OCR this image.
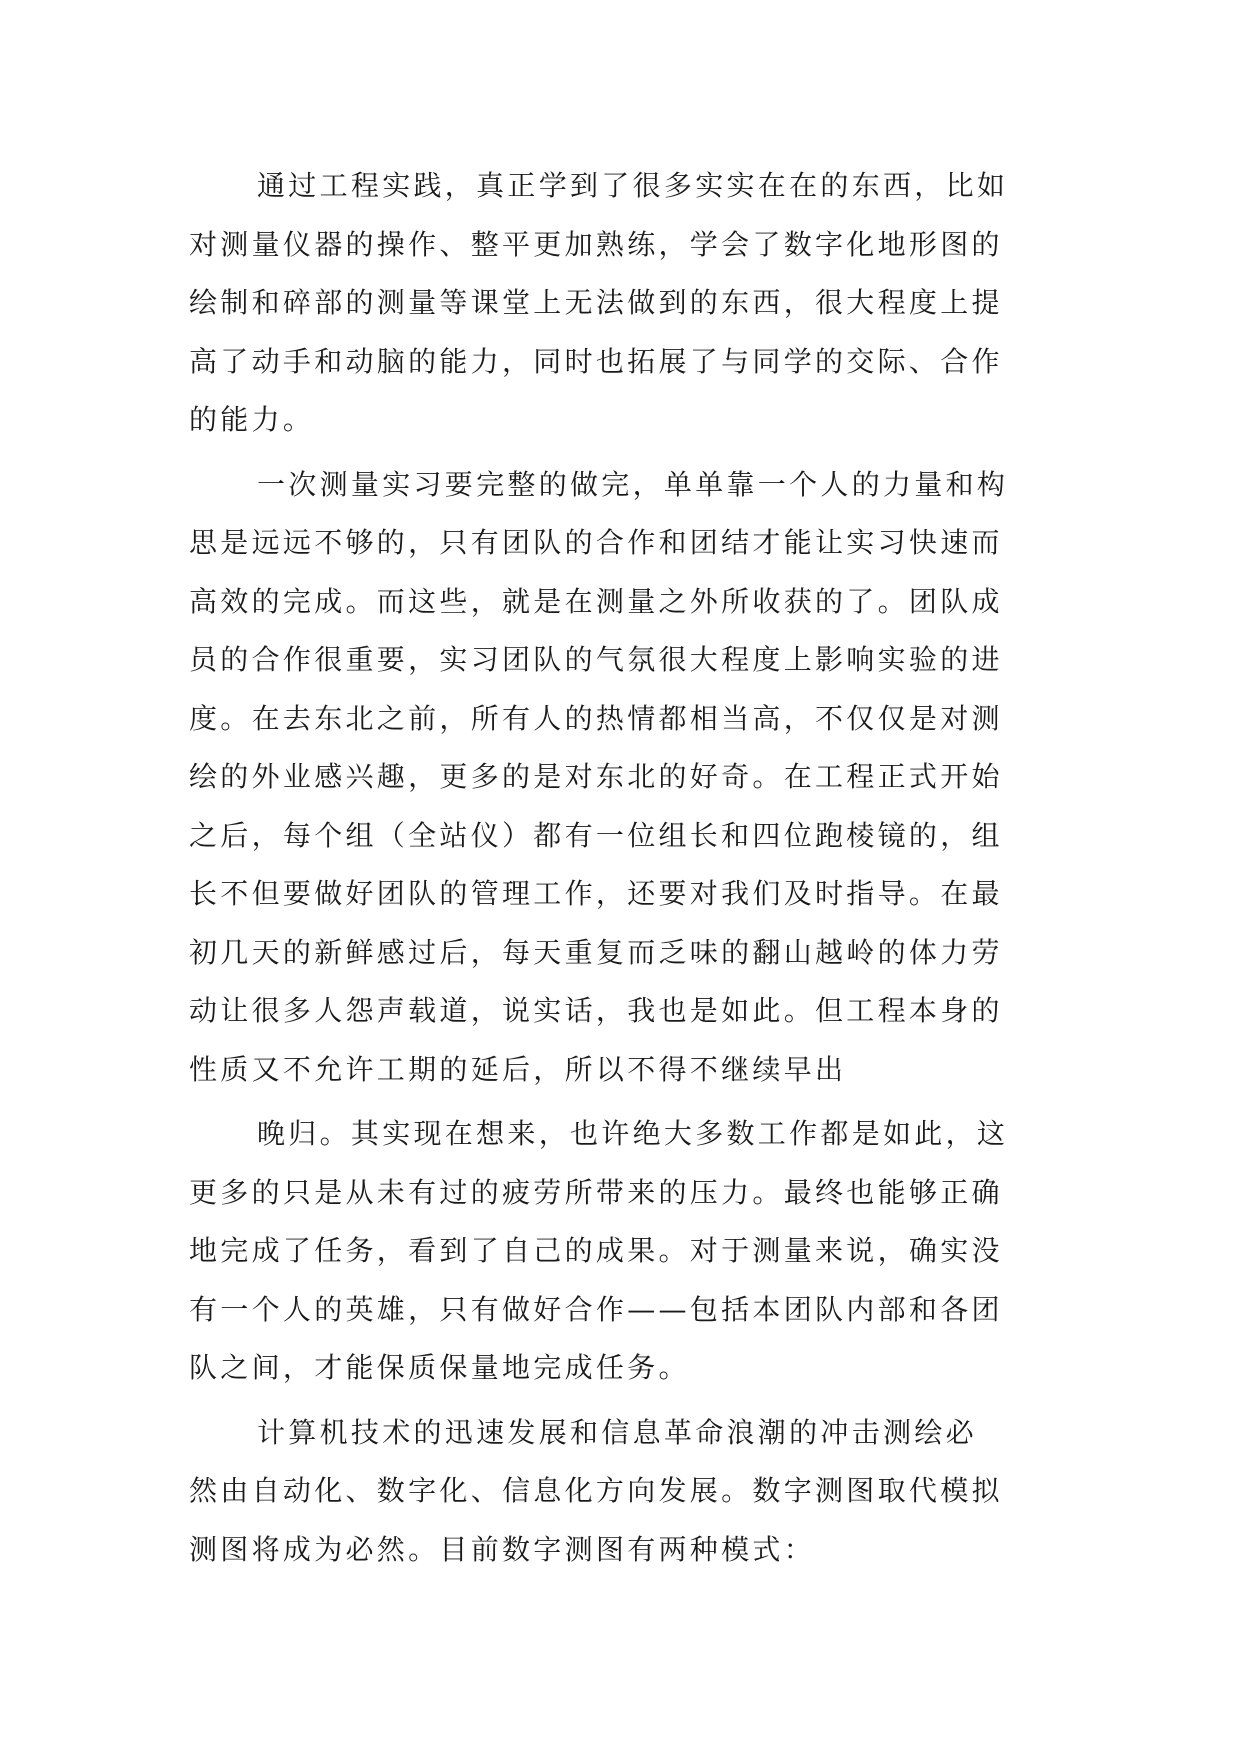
通过工程实践，真正学到了很多实实在在的东西，比如
对测量仪器的操作、整平更加熟练，学会了数字化地形图的
绘制和碎部的测量等课堂上无法做到的东西，很大程度上提
高了动手和动脑的能力，同时也拓展了与同学的交际、合作
的能力。
一次测量实习要完整的做完，单单靠一个人的力量和构
思是远远不够的，只有团队的合作和团结才能让实习快速而
高效的完成。而这些，就是在测量之外所收获的了。团队成
员的合作很重要，实习团队的气氛很大程度上影响实验的进
度。在去东北之前，所有人的热情都相当高，不仅仅是对测
绘的外业感兴趣，更多的是对东北的好奇。在工程正式开始
之后，每个组（全站仪）都有一位组长和四位跑棱镜的，组
长不但要做好团队的管理工作，还要对我们及时指导。在最
初几天的新鲜感过后，每天重复而乏味的翻山越岭的体力劳
动让很多人怨声载道，说实话，我也是如此。但工程本身的
性质又不允许工期的延后，所以不得不继续早出
晚归。其实现在想来，也许绝大多数工作都是如此，这
更多的只是从未有过的疲劳所带来的压力。最终也能够正确
地完成了任务，看到了自己的成果。对于测量来说，确实没
有一个人的英雄，只有做好合作——包括本团队内部和各团
队之间，才能保质保量地完成任务。
计算机技术的迅速发展和信息革命浪潮的冲击测绘必
然由自动化、数字化、信息化方向发展。数字测图取代模拟
测图将成为必然。目前数字测图有两种模式：
